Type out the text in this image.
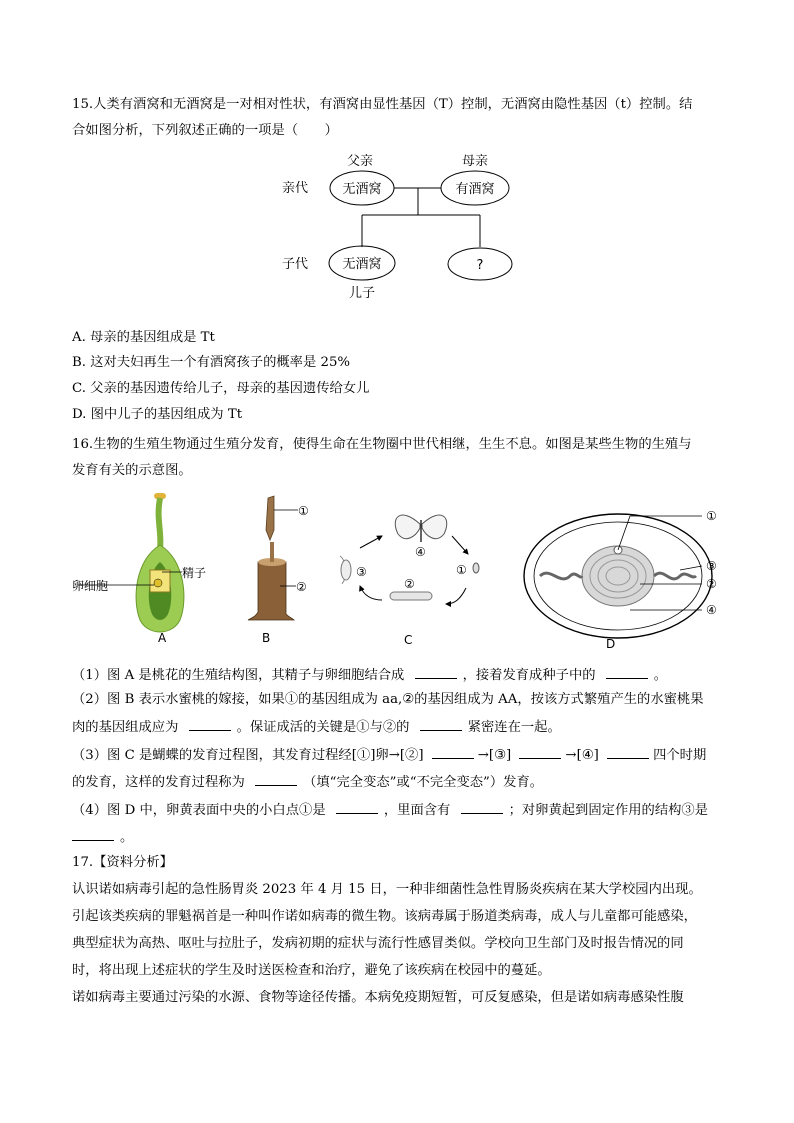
15.人类有酒窝和无酒窝是一对相对性状，有酒窝由显性基因（T）控制，无酒窝由隐性基因（t）控制。结
合如图分析，下列叙述正确的一项是（　　）
父亲	母亲
亲代	无酒窝	有酒窝
子代	无酒窝	?
儿子
A. 母亲的基因组成是 Tt
B. 这对夫妇再生一个有酒窝孩子的概率是 25%
C. 父亲的基因遗传给儿子，母亲的基因遗传给女儿
D. 图中儿子的基因组成为 Tt
16.生物的生殖生物通过生殖分发育，使得生命在生物圈中世代相继，生生不息。如图是某些生物的生殖与
发育有关的示意图。
精子
卵细胞
A
①
②
B
④
①
②
③
C
①
③
②
④
D
（1）图 A 是桃花的生殖结构图，其精子与卵细胞结合成	，接着发育成种子中的	。
（2）图 B 表示水蜜桃的嫁接，如果①的基因组成为 aa,②的基因组成为 AA，按该方式繁殖产生的水蜜桃果
肉的基因组成应为	。保证成活的关键是①与②的	紧密连在一起。
（3）图 C 是蝴蝶的发育过程图，其发育过程经[①]卵→[②]	→[③]	→[④]	四个时期
的发育，这样的发育过程称为	（填“完全变态”或“不完全变态”）发育。
（4）图 D 中，卵黄表面中央的小白点①是	，里面含有	；对卵黄起到固定作用的结构③是
。
17.【资料分析】
认识诺如病毒引起的急性肠胃炎 2023 年 4 月 15 日，一种非细菌性急性胃肠炎疾病在某大学校园内出现。
引起该类疾病的罪魁祸首是一种叫作诺如病毒的微生物。该病毒属于肠道类病毒，成人与儿童都可能感染，
典型症状为高热、呕吐与拉肚子，发病初期的症状与流行性感冒类似。学校向卫生部门及时报告情况的同
时，将出现上述症状的学生及时送医检查和治疗，避免了该疾病在校园中的蔓延。
诺如病毒主要通过污染的水源、食物等途径传播。本病免疫期短暂，可反复感染，但是诺如病毒感染性腹
